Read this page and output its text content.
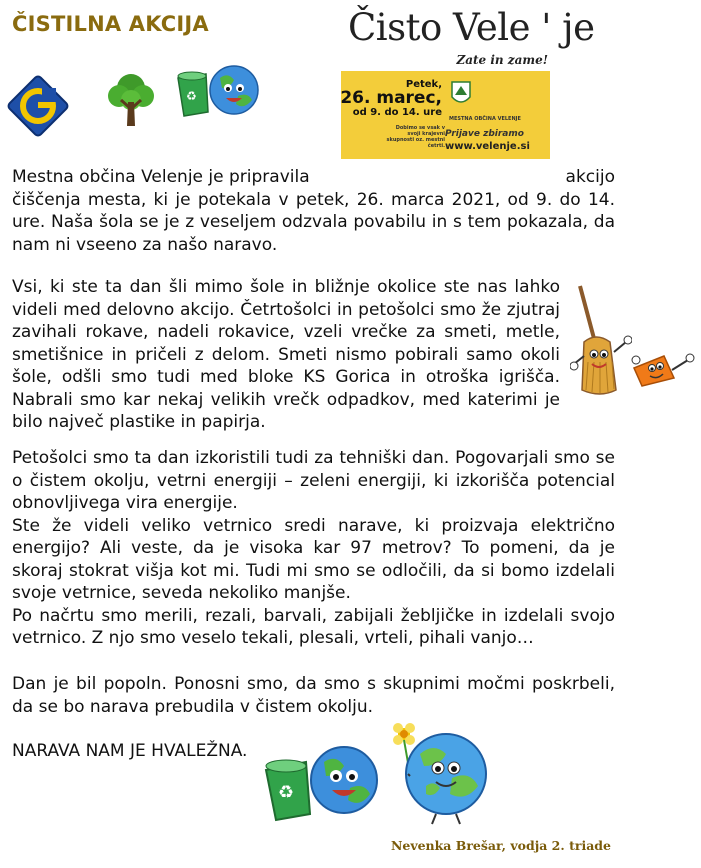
ČISTILNA AKCIJA
♻
Čisto Vele ' je
Zate in zame!
Petek,
26. marec,
od 9. do 14. ure
Dobimo se vsak v svoji krajevni skupnosti oz. mestni četrti.
MESTNA OBČINA VELENJE
Prijave zbiramo
www.velenje.si
Mestna občina Velenje je pripravila	akcijo

čiščenja mesta, ki je potekala v petek, 26. marca 2021, od 9. do 14. ure. Naša šola se je z veseljem odzvala povabilu in s tem pokazala, da nam ni vseeno za našo naravo.

Vsi, ki ste ta dan šli mimo šole in bližnje okolice ste nas lahko videli med delovno akcijo. Četrtošolci in petošolci smo že zjutraj zavihali rokave, nadeli rokavice, vzeli vrečke za smeti, metle, smetišnice in pričeli z delom. Smeti nismo pobirali samo okoli šole, odšli smo tudi med bloke KS Gorica in otroška igrišča. Nabrali smo kar nekaj velikih vrečk odpadkov, med katerimi je bilo največ plastike in papirja.

Petošolci smo ta dan izkoristili tudi za tehniški dan. Pogovarjali smo se o čistem okolju, vetrni energiji – zeleni energiji, ki izkorišča potencial obnovljivega vira energije.

Ste že videli veliko vetrnico sredi narave, ki proizvaja električno energijo? Ali veste, da je visoka kar 97 metrov? To pomeni, da je skoraj stokrat višja kot mi. Tudi mi smo se odločili, da si bomo izdelali svoje vetrnice, seveda nekoliko manjše.

Po načrtu smo merili, rezali, barvali, zabijali žebljičke in izdelali svojo vetrnico. Z njo smo veselo tekali, plesali, vrteli, pihali vanjo…

Dan je bil popoln. Ponosni smo, da smo s skupnimi močmi poskrbeli, da se bo narava prebudila v čistem okolju.

NARAVA NAM JE HVALEŽNA.
♻
Nevenka Brešar, vodja 2. triade
